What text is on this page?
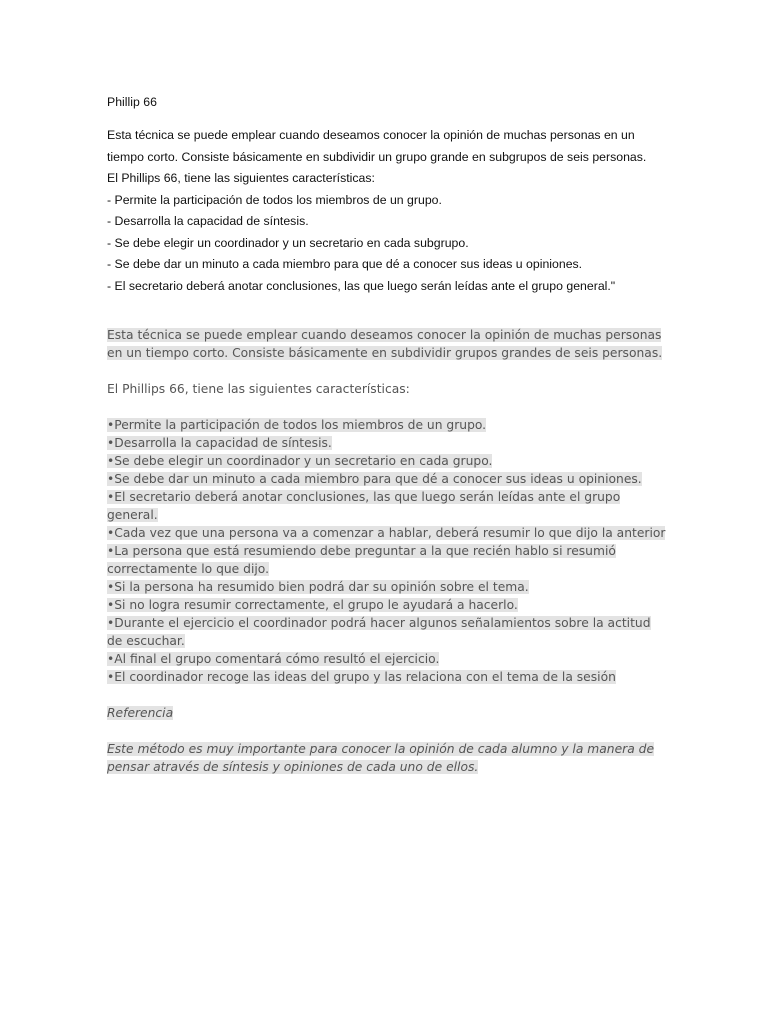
Phillip 66
Esta técnica se puede emplear cuando deseamos conocer la opinión de muchas personas en un
tiempo corto. Consiste básicamente en subdividir un grupo grande en subgrupos de seis personas.
El Phillips 66, tiene las siguientes características:
- Permite la participación de todos los miembros de un grupo.
- Desarrolla la capacidad de síntesis.
- Se debe elegir un coordinador y un secretario en cada subgrupo.
- Se debe dar un minuto a cada miembro para que dé a conocer sus ideas u opiniones.
- El secretario deberá anotar conclusiones, las que luego serán leídas ante el grupo general."

Esta técnica se puede emplear cuando deseamos conocer la opinión de muchas personas en un tiempo corto. Consiste básicamente en subdividir grupos grandes de seis personas.

El Phillips 66, tiene las siguientes características:

•Permite la participación de todos los miembros de un grupo.

•Desarrolla la capacidad de síntesis.

•Se debe elegir un coordinador y un secretario en cada grupo.

•Se debe dar un minuto a cada miembro para que dé a conocer sus ideas u opiniones.

•El secretario deberá anotar conclusiones, las que luego serán leídas ante el grupo general.

•Cada vez que una persona va a comenzar a hablar, deberá resumir lo que dijo la anterior

•La persona que está resumiendo debe preguntar a la que recién hablo si resumió correctamente lo que dijo.

•Si la persona ha resumido bien podrá dar su opinión sobre el tema.

•Si no logra resumir correctamente, el grupo le ayudará a hacerlo.

•Durante el ejercicio el coordinador podrá hacer algunos señalamientos sobre la actitud de escuchar.

•Al final el grupo comentará cómo resultó el ejercicio.

•El coordinador recoge las ideas del grupo y las relaciona con el tema de la sesión

Referencia

Este método es muy importante para conocer la opinión de cada alumno y la manera de pensar através de síntesis y opiniones de cada uno de ellos.
